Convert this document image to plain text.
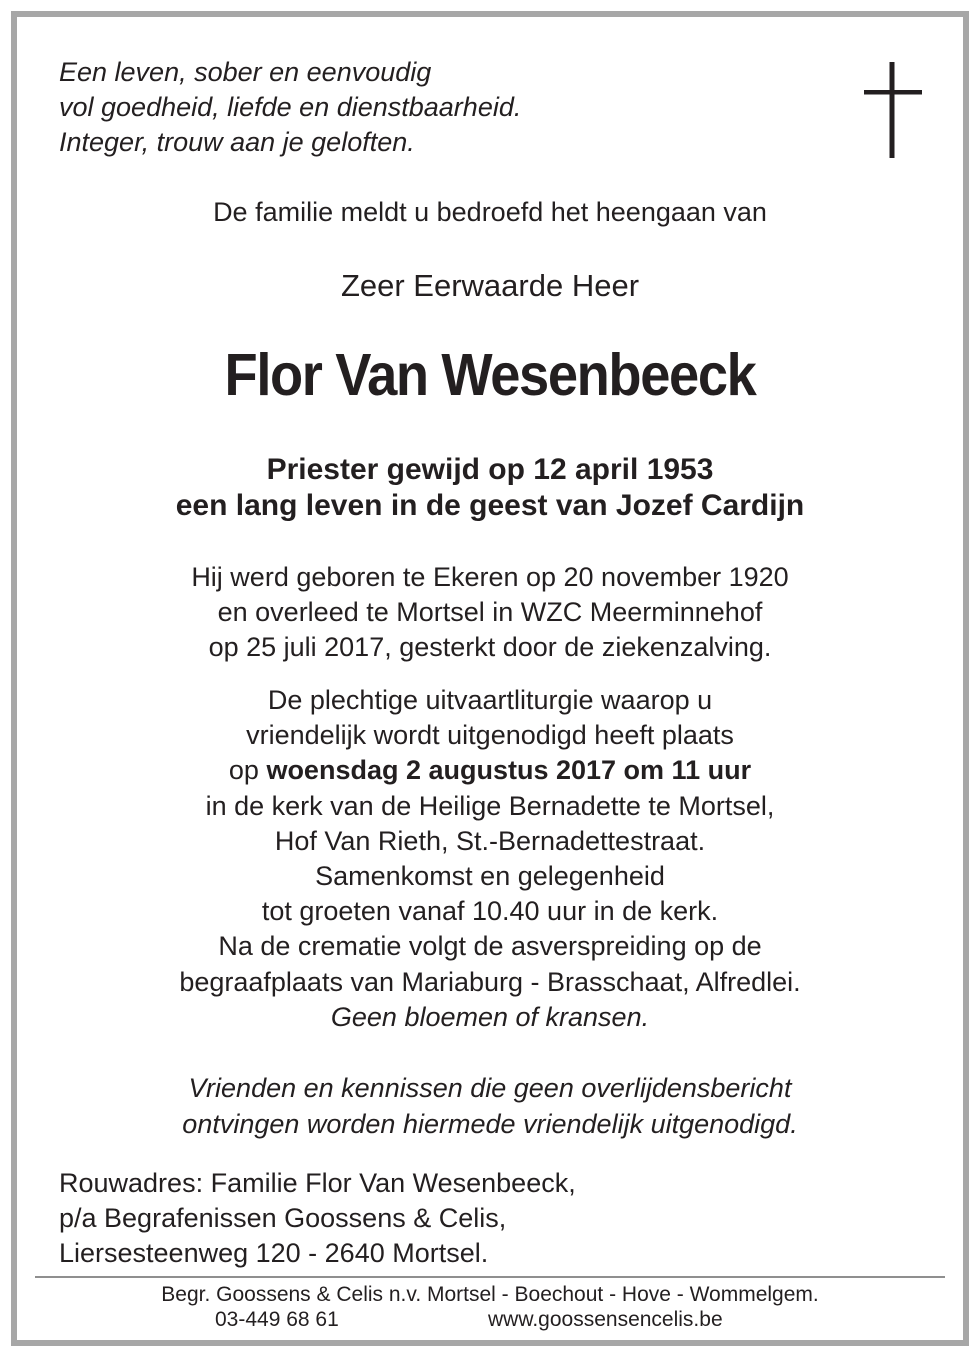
Een leven, sober en eenvoudig
vol goedheid, liefde en dienstbaarheid.
Integer, trouw aan je geloften.
De familie meldt u bedroefd het heengaan van
Zeer Eerwaarde Heer
Flor Van Wesenbeeck
Priester gewijd op 12 april 1953
een lang leven in de geest van Jozef Cardijn
Hij werd geboren te Ekeren op 20 november 1920
en overleed te Mortsel in WZC Meerminnehof
op 25 juli 2017, gesterkt door de ziekenzalving.
De plechtige uitvaartliturgie waarop u
vriendelijk wordt uitgenodigd heeft plaats
op woensdag 2 augustus 2017 om 11 uur
in de kerk van de Heilige Bernadette te Mortsel,
Hof Van Rieth, St.-Bernadettestraat.
Samenkomst en gelegenheid
tot groeten vanaf 10.40 uur in de kerk.
Na de crematie volgt de asverspreiding op de
begraafplaats van Mariaburg - Brasschaat, Alfredlei.
Geen bloemen of kransen.
Vrienden en kennissen die geen overlijdensbericht
ontvingen worden hiermede vriendelijk uitgenodigd.
Rouwadres: Familie Flor Van Wesenbeeck,
p/a Begrafenissen Goossens & Celis,
Liersesteenweg 120 - 2640 Mortsel.
Begr. Goossens & Celis n.v. Mortsel - Boechout - Hove - Wommelgem.
03-449 68 61	www.goossensencelis.be
